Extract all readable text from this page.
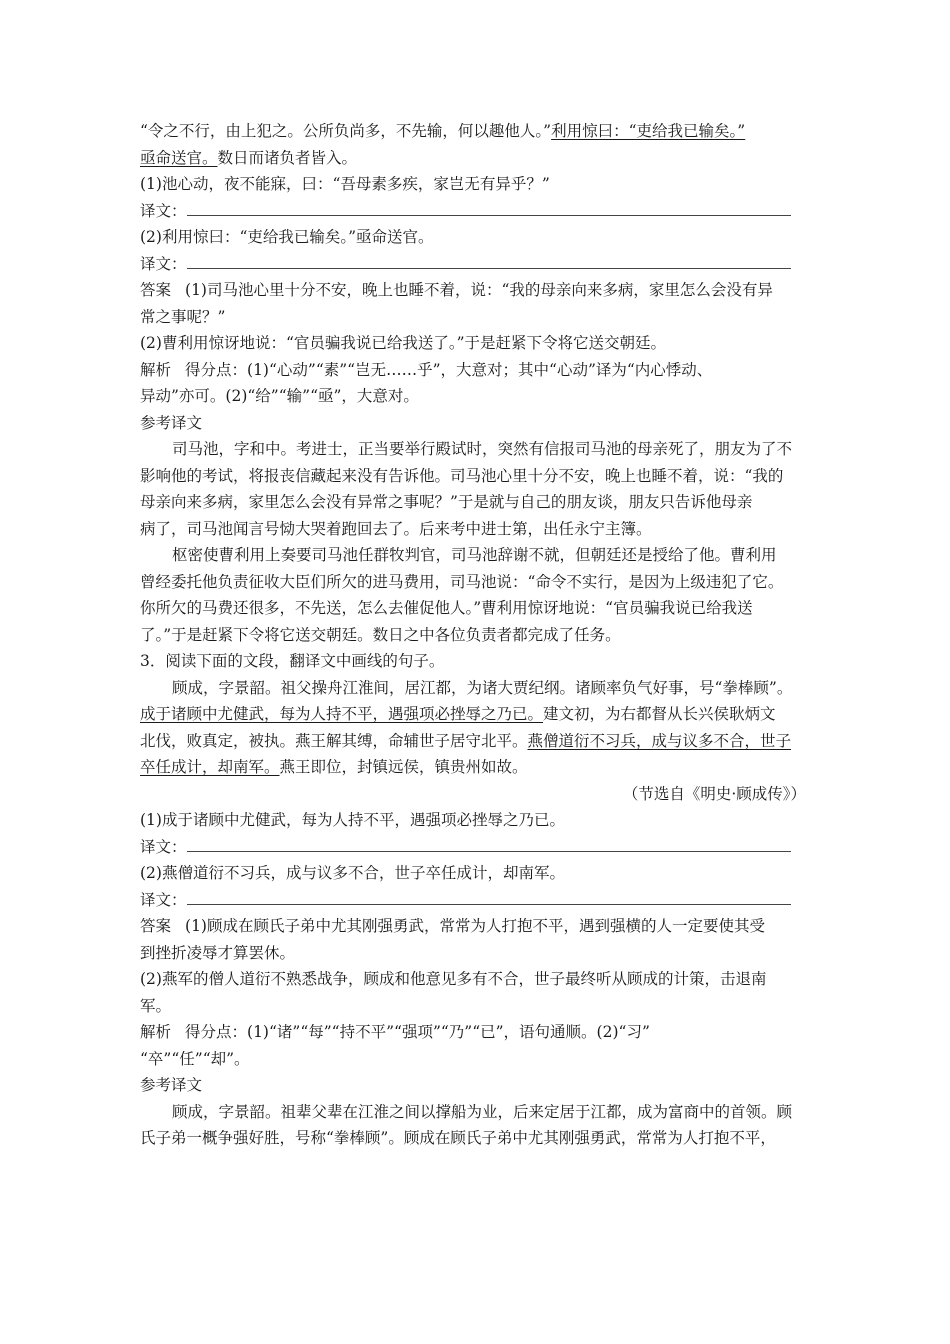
“令之不行，由上犯之。公所负尚多，不先输，何以趣他人。”利用惊曰：“吏给我已输矣。”
亟命送官。数日而诸负者皆入。
(1)池心动，夜不能寐，曰：“吾母素多疾，家岂无有异乎？”
译文：
(2)利用惊曰：“吏给我已输矣。”亟命送官。
译文：
答案 (1)司马池心里十分不安，晚上也睡不着，说：“我的母亲向来多病，家里怎么会没有异
常之事呢？”
(2)曹利用惊讶地说：“官员骗我说已给我送了。”于是赶紧下令将它送交朝廷。
解析 得分点：(1)“心动”“素”“岂无……乎”，大意对；其中“心动”译为“内心悸动、
异动”亦可。(2)“给”“输”“亟”，大意对。
参考译文
司马池，字和中。考进士，正当要举行殿试时，突然有信报司马池的母亲死了，朋友为了不
影响他的考试，将报丧信藏起来没有告诉他。司马池心里十分不安，晚上也睡不着，说：“我的
母亲向来多病，家里怎么会没有异常之事呢？”于是就与自己的朋友谈，朋友只告诉他母亲
病了，司马池闻言号恸大哭着跑回去了。后来考中进士第，出任永宁主簿。
枢密使曹利用上奏要司马池任群牧判官，司马池辞谢不就，但朝廷还是授给了他。曹利用
曾经委托他负责征收大臣们所欠的进马费用，司马池说：“命令不实行，是因为上级违犯了它。
你所欠的马费还很多，不先送，怎么去催促他人。”曹利用惊讶地说：“官员骗我说已给我送
了。”于是赶紧下令将它送交朝廷。数日之中各位负责者都完成了任务。
3．阅读下面的文段，翻译文中画线的句子。
顾成，字景韶。祖父操舟江淮间，居江都，为诸大贾纪纲。诸顾率负气好事，号“拳棒顾”。
成于诸顾中尤健武，每为人持不平，遇强项必挫辱之乃已。建文初，为右都督从长兴侯耿炳文
北伐，败真定，被执。燕王解其缚，命辅世子居守北平。燕僧道衍不习兵，成与议多不合，世子
卒任成计，却南军。燕王即位，封镇远侯，镇贵州如故。
（节选自《明史·顾成传》）
(1)成于诸顾中尤健武，每为人持不平，遇强项必挫辱之乃已。
译文：
(2)燕僧道衍不习兵，成与议多不合，世子卒任成计，却南军。
译文：
答案 (1)顾成在顾氏子弟中尤其刚强勇武，常常为人打抱不平，遇到强横的人一定要使其受
到挫折凌辱才算罢休。
(2)燕军的僧人道衍不熟悉战争，顾成和他意见多有不合，世子最终听从顾成的计策，击退南
军。
解析 得分点：(1)“诸”“每”“持不平”“强项”“乃”“已”，语句通顺。(2)“习”
“卒”“任”“却”。
参考译文
顾成，字景韶。祖辈父辈在江淮之间以撑船为业，后来定居于江都，成为富商中的首领。顾
氏子弟一概争强好胜，号称“拳棒顾”。顾成在顾氏子弟中尤其刚强勇武，常常为人打抱不平，
